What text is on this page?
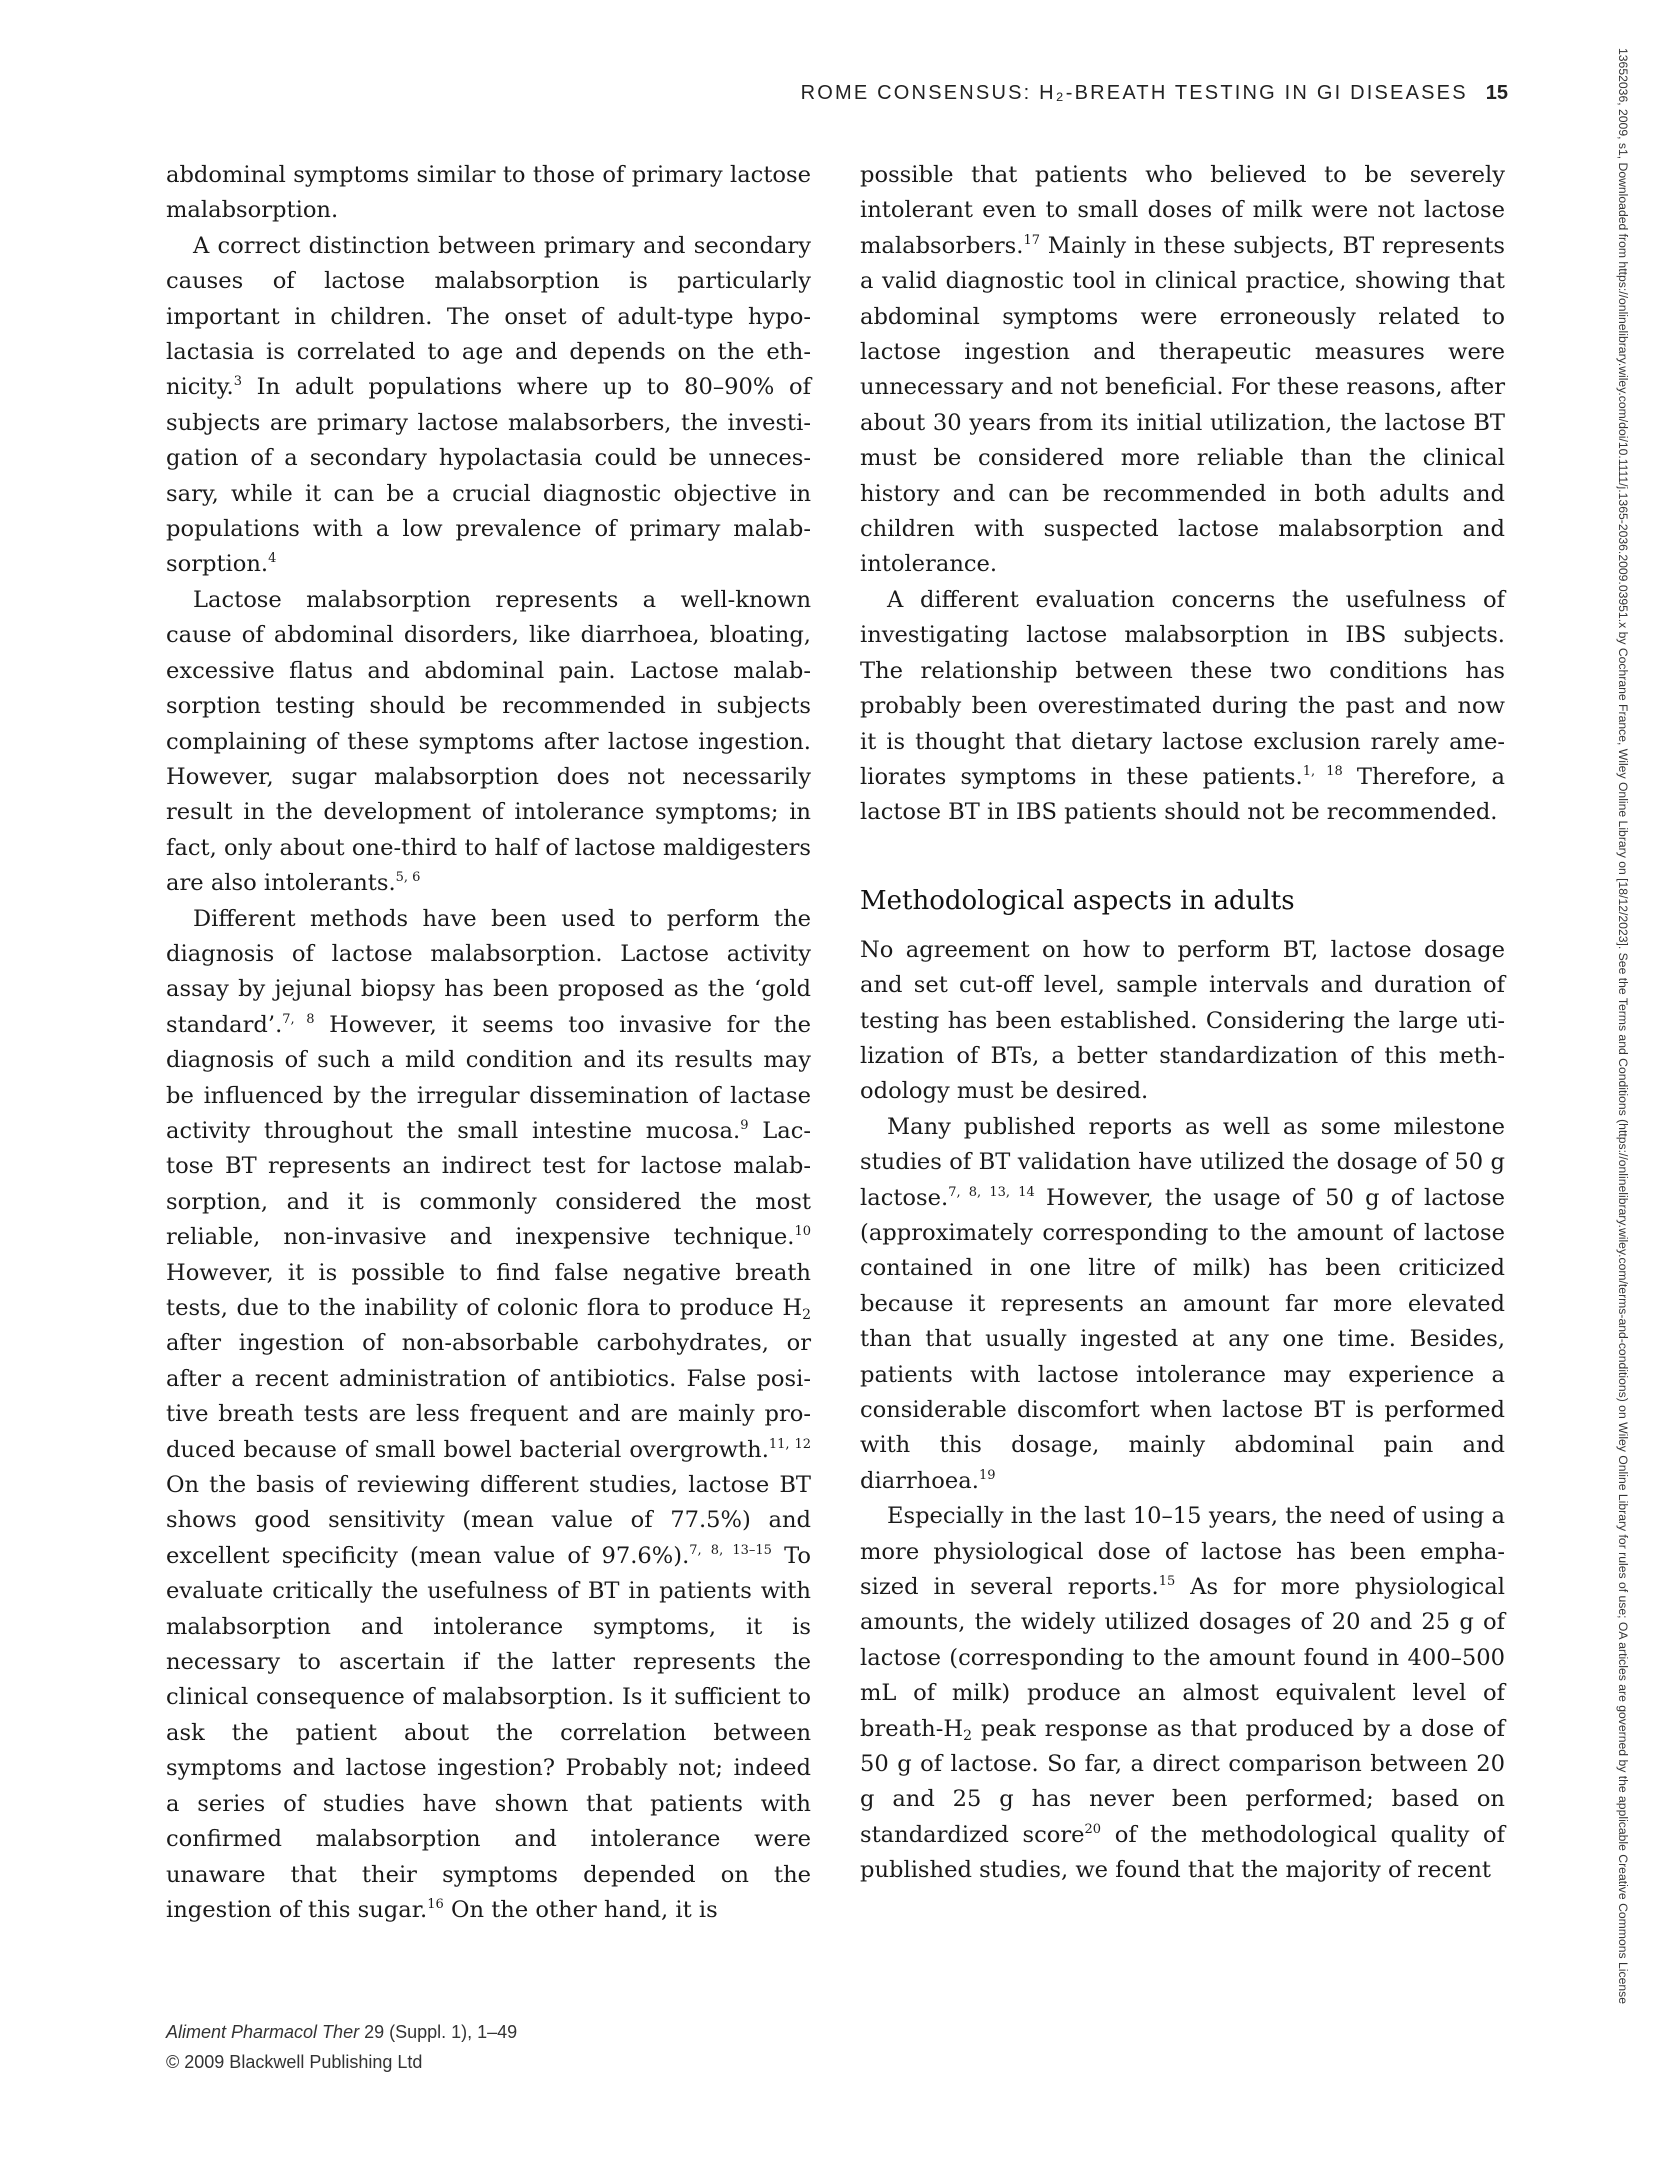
ROME CONSENSUS: H₂-BREATH TESTING IN GI DISEASES 15

abdominal symptoms similar to those of primary lactose malabsorption.

A correct distinction between primary and secondary causes of lactose malabsorption is particularly important in children. The onset of adult-type hypolactasia is correlated to age and depends on the ethnicity.$^3$ In adult populations where up to 80–90% of subjects are primary lactose malabsorbers, the investigation of a secondary hypolactasia could be unnecessary, while it can be a crucial diagnostic objective in populations with a low prevalence of primary malabsorption.$^4$

Lactose malabsorption represents a well-known cause of abdominal disorders, like diarrhoea, bloating, excessive flatus and abdominal pain. Lactose malabsorption testing should be recommended in subjects complaining of these symptoms after lactose ingestion. However, sugar malabsorption does not necessarily result in the development of intolerance symptoms; in fact, only about one-third to half of lactose maldigesters are also intolerants.$^{5, 6}$

Different methods have been used to perform the diagnosis of lactose malabsorption. Lactose activity assay by jejunal biopsy has been proposed as the ‘gold standard’.$^{7, 8}$ However, it seems too invasive for the diagnosis of such a mild condition and its results may be influenced by the irregular dissemination of lactase activity throughout the small intestine mucosa.$^9$ Lactose BT represents an indirect test for lactose malabsorption, and it is commonly considered the most reliable, non-invasive and inexpensive technique.$^{10}$ However, it is possible to find false negative breath tests, due to the inability of colonic flora to produce $H_2$ after ingestion of non-absorbable carbohydrates, or after a recent administration of antibiotics. False positive breath tests are less frequent and are mainly produced because of small bowel bacterial overgrowth.$^{11, 12}$ On the basis of reviewing different studies, lactose BT shows good sensitivity (mean value of 77.5%) and excellent specificity (mean value of 97.6%).$^{7, 8, 13-15}$ To evaluate critically the usefulness of BT in patients with malabsorption and intolerance symptoms, it is necessary to ascertain if the latter represents the clinical consequence of malabsorption. Is it sufficient to ask the patient about the correlation between symptoms and lactose ingestion? Probably not; indeed a series of studies have shown that patients with confirmed malabsorption and intolerance were unaware that their symptoms depended on the ingestion of this sugar.$^{16}$ On the other hand, it is

possible that patients who believed to be severely intolerant even to small doses of milk were not lactose malabsorbers.$^{17}$ Mainly in these subjects, BT represents a valid diagnostic tool in clinical practice, showing that abdominal symptoms were erroneously related to lactose ingestion and therapeutic measures were unnecessary and not beneficial. For these reasons, after about 30 years from its initial utilization, the lactose BT must be considered more reliable than the clinical history and can be recommended in both adults and children with suspected lactose malabsorption and intolerance.

A different evaluation concerns the usefulness of investigating lactose malabsorption in IBS subjects. The relationship between these two conditions has probably been overestimated during the past and now it is thought that dietary lactose exclusion rarely ameliorates symptoms in these patients.$^{1, 18}$ Therefore, a lactose BT in IBS patients should not be recommended.

Methodological aspects in adults

No agreement on how to perform BT, lactose dosage and set cut-off level, sample intervals and duration of testing has been established. Considering the large utilization of BTs, a better standardization of this methodology must be desired.

Many published reports as well as some milestone studies of BT validation have utilized the dosage of 50 g lactose.$^{7, 8, 13, 14}$ However, the usage of 50 g of lactose (approximately corresponding to the amount of lactose contained in one litre of milk) has been criticized because it represents an amount far more elevated than that usually ingested at any one time. Besides, patients with lactose intolerance may experience a considerable discomfort when lactose BT is performed with this dosage, mainly abdominal pain and diarrhoea.$^{19}$

Especially in the last 10–15 years, the need of using a more physiological dose of lactose has been emphasized in several reports.$^{15}$ As for more physiological amounts, the widely utilized dosages of 20 and 25 g of lactose (corresponding to the amount found in 400–500 mL of milk) produce an almost equivalent level of breath-$H_2$ peak response as that produced by a dose of 50 g of lactose. So far, a direct comparison between 20 g and 25 g has never been performed; based on standardized score$^{20}$ of the methodological quality of published studies, we found that the majority of recent

Aliment Pharmacol Ther 29 (Suppl. 1), 1–49
© 2009 Blackwell Publishing Ltd
13652036, 2009, s1, Downloaded from https://onlinelibrary.wiley.com/doi/10.1111/j.1365-2036.2009.03951.x by Cochrane France, Wiley Online Library on [18/12/2023]. See the Terms and Conditions (https://onlinelibrary.wiley.com/terms-and-conditions) on Wiley Online Library for rules of use; OA articles are governed by the applicable Creative Commons License
